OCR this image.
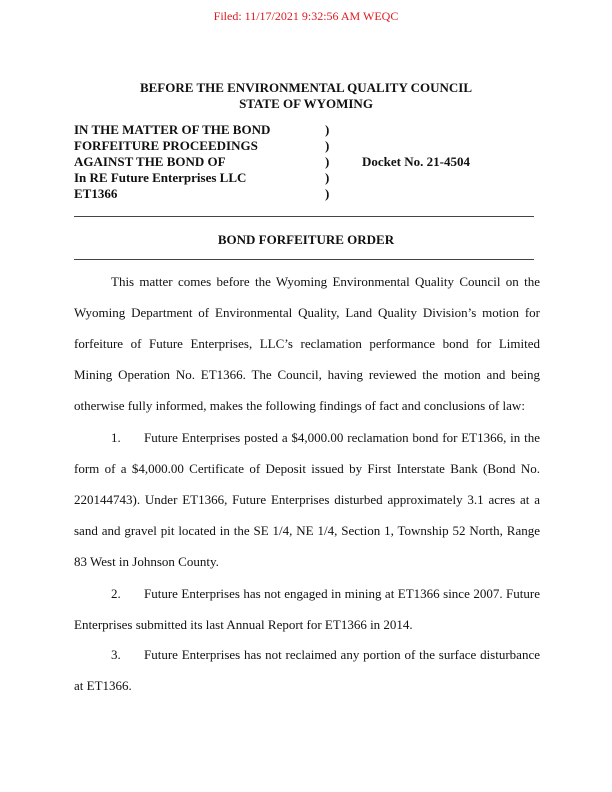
Filed: 11/17/2021 9:32:56 AM WEQC
BEFORE THE ENVIRONMENTAL QUALITY COUNCIL
STATE OF WYOMING
IN THE MATTER OF THE BOND
FORFEITURE PROCEEDINGS
AGAINST THE BOND OF
In RE Future Enterprises LLC
ET1366
)
)
)
)
)
Docket No. 21-4504
BOND FORFEITURE ORDER
This matter comes before the Wyoming Environmental Quality Council on the Wyoming Department of Environmental Quality, Land Quality Division’s motion for forfeiture of Future Enterprises, LLC’s reclamation performance bond for Limited Mining Operation No. ET1366. The Council, having reviewed the motion and being otherwise fully informed, makes the following findings of fact and conclusions of law:
1. Future Enterprises posted a $4,000.00 reclamation bond for ET1366, in the form of a $4,000.00 Certificate of Deposit issued by First Interstate Bank (Bond No. 220144743). Under ET1366, Future Enterprises disturbed approximately 3.1 acres at a sand and gravel pit located in the SE 1/4, NE 1/4, Section 1, Township 52 North, Range 83 West in Johnson County.
2. Future Enterprises has not engaged in mining at ET1366 since 2007. Future Enterprises submitted its last Annual Report for ET1366 in 2014.
3. Future Enterprises has not reclaimed any portion of the surface disturbance at ET1366.
